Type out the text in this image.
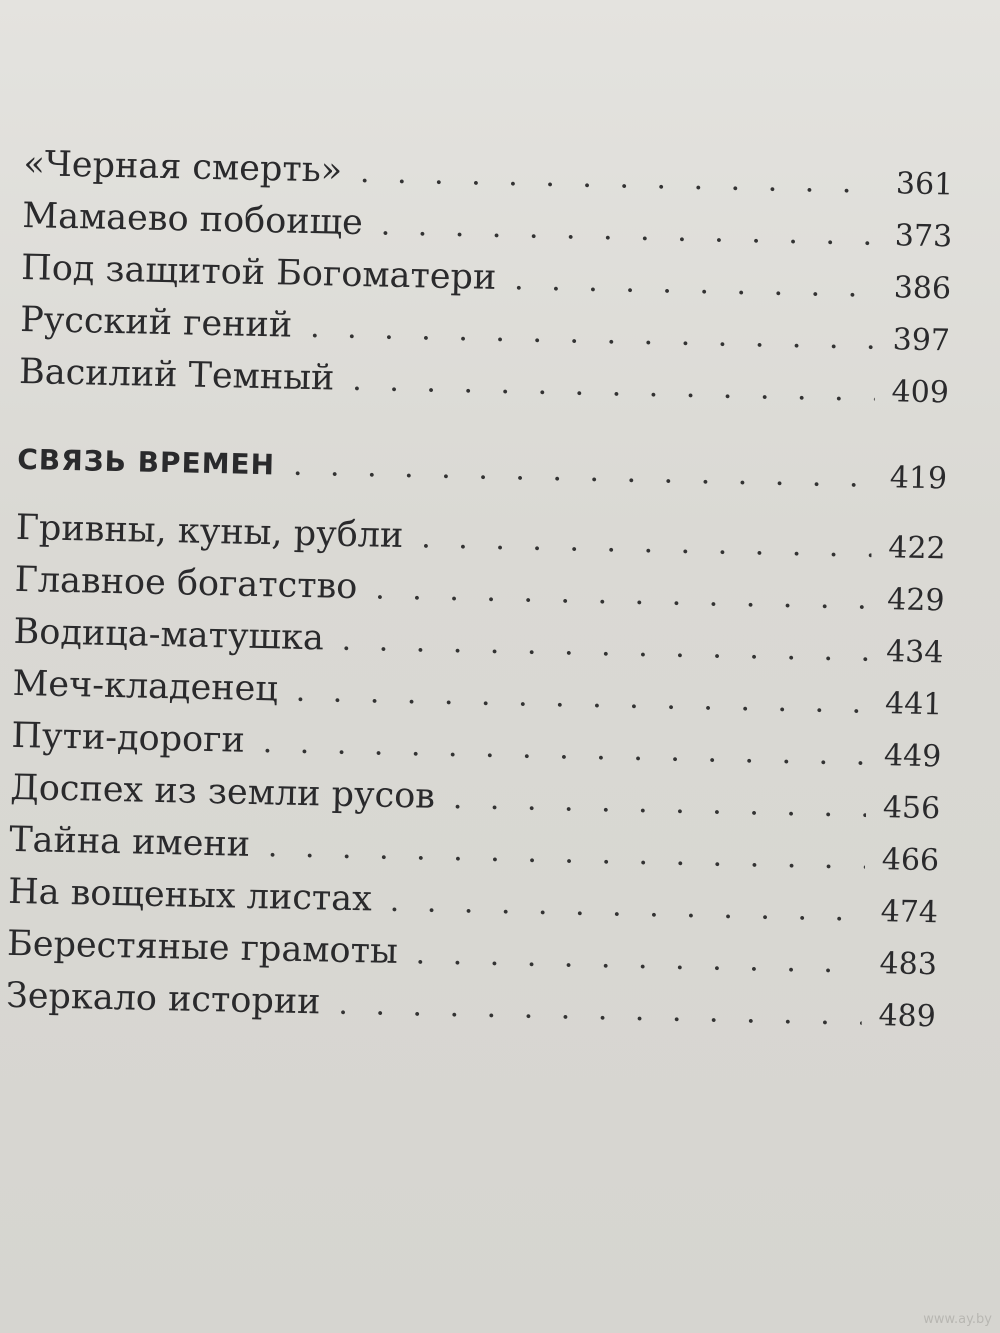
«Черная смерть» . . .	361
Мамаево побоище . . .	373
Под защитой Богоматери . . .	386
Русский гений . . .	397
Василий Темный . . .	409
СВЯЗЬ ВРЕМЕН . . .	419
Гривны, куны, рубли . . .	422
Главное богатство . . .	429
Водица-матушка . . .	434
Меч-кладенец . . .	441
Пути-дороги . . .	449
Доспех из земли русов . . .	456
Тайна имени . . .	466
На вощеных листах . . .	474
Берестяные грамоты . . .	483
Зеркало истории . . .	489
www.ay.by
